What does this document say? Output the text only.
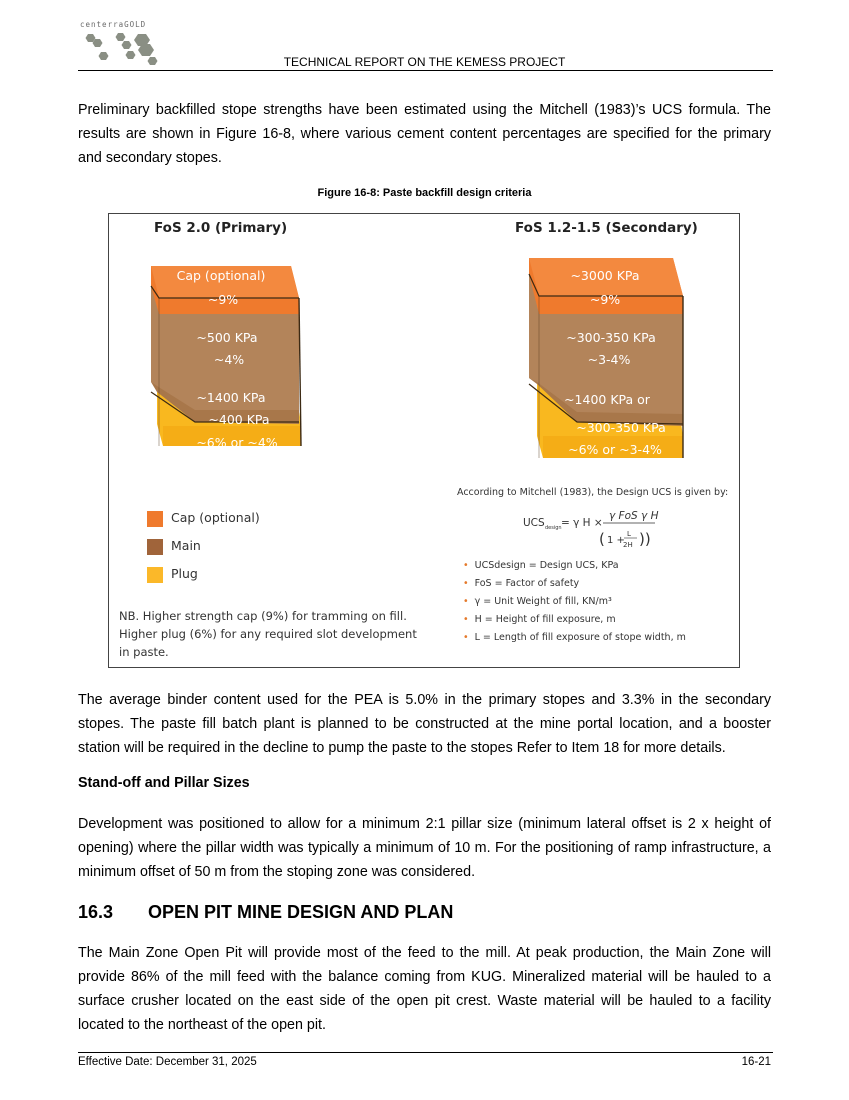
centerraGOLD
TECHNICAL REPORT ON THE KEMESS PROJECT
Preliminary backfilled stope strengths have been estimated using the Mitchell (1983)’s UCS formula. The results are shown in Figure 16-8, where various cement content percentages are specified for the primary and secondary stopes.
Figure 16-8: Paste backfill design criteria
FoS 2.0 (Primary)	FoS 1.2-1.5 (Secondary)
Cap (optional)
~9%
~500 KPa
~4%
~1400 KPa
~400 KPa
~6% or ~4%
~3000 KPa
~9%
~300-350 KPa
~3-4%
~1400 KPa or
~300-350 KPa
~6% or ~3-4%
UCS design = γ H ×
γ FoS γ H
( 1 +
L
2H ))
Cap (optional)
Main
Plug
NB. Higher strength cap (9%) for tramming on fill. Higher plug (6%) for any required slot development in paste.
According to Mitchell (1983), the Design UCS is given by:
• UCSdesign = Design UCS, KPa
• FoS = Factor of safety
• γ = Unit Weight of fill, KN/m³
• H = Height of fill exposure, m
• L = Length of fill exposure of stope width, m
The average binder content used for the PEA is 5.0% in the primary stopes and 3.3% in the secondary stopes. The paste fill batch plant is planned to be constructed at the mine portal location, and a booster station will be required in the decline to pump the paste to the stopes Refer to Item 18 for more details.
Stand-off and Pillar Sizes
Development was positioned to allow for a minimum 2:1 pillar size (minimum lateral offset is 2 x height of opening) where the pillar width was typically a minimum of 10 m. For the positioning of ramp infrastructure, a minimum offset of 50 m from the stoping zone was considered.
16.3 OPEN PIT MINE DESIGN AND PLAN
The Main Zone Open Pit will provide most of the feed to the mill. At peak production, the Main Zone will provide 86% of the mill feed with the balance coming from KUG. Mineralized material will be hauled to a surface crusher located on the east side of the open pit crest. Waste material will be hauled to a facility located to the northeast of the open pit.
Effective Date: December 31, 2025	16-21
